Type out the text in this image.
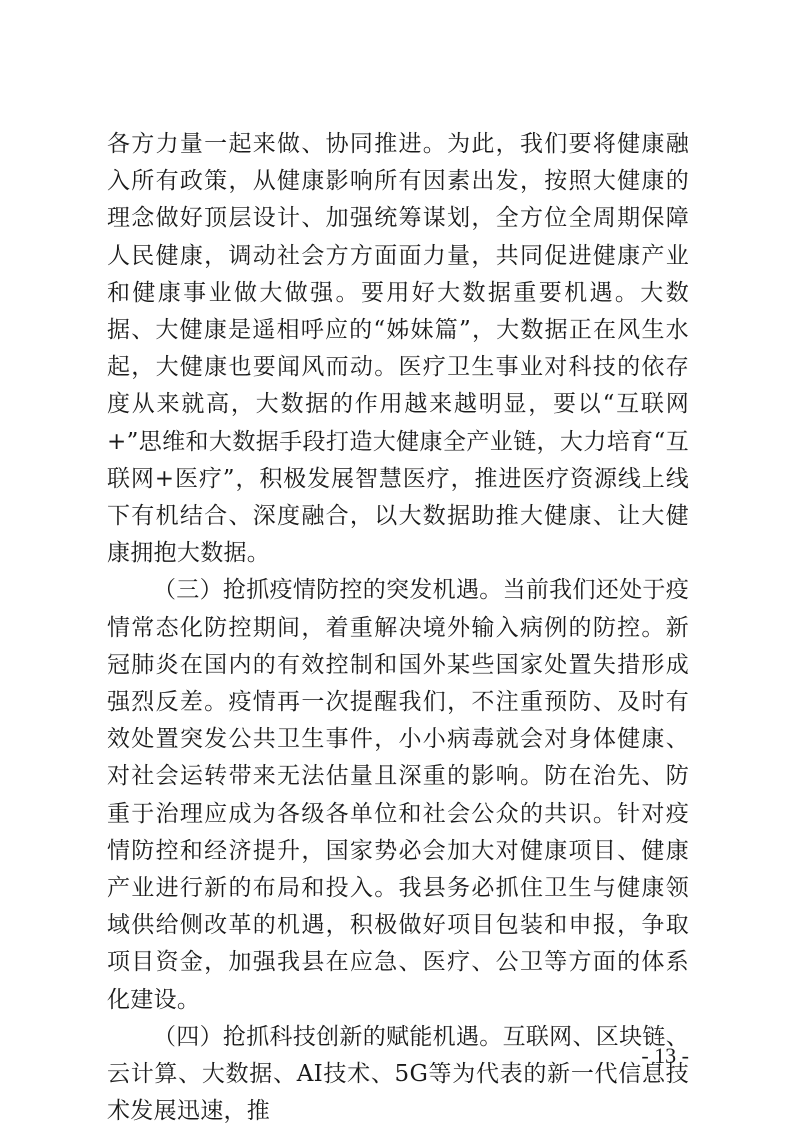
各方力量一起来做、协同推进。为此，我们要将健康融入所有政策，从健康影响所有因素出发，按照大健康的理念做好顶层设计、加强统筹谋划，全方位全周期保障人民健康，调动社会方方面面力量，共同促进健康产业和健康事业做大做强。要用好大数据重要机遇。大数据、大健康是遥相呼应的“姊妹篇”，大数据正在风生水起，大健康也要闻风而动。医疗卫生事业对科技的依存度从来就高，大数据的作用越来越明显，要以“互联网+”思维和大数据手段打造大健康全产业链，大力培育“互联网+医疗”，积极发展智慧医疗，推进医疗资源线上线下有机结合、深度融合，以大数据助推大健康、让大健康拥抱大数据。

（三）抢抓疫情防控的突发机遇。当前我们还处于疫情常态化防控期间，着重解决境外输入病例的防控。新冠肺炎在国内的有效控制和国外某些国家处置失措形成强烈反差。疫情再一次提醒我们，不注重预防、及时有效处置突发公共卫生事件，小小病毒就会对身体健康、对社会运转带来无法估量且深重的影响。防在治先、防重于治理应成为各级各单位和社会公众的共识。针对疫情防控和经济提升，国家势必会加大对健康项目、健康产业进行新的布局和投入。我县务必抓住卫生与健康领域供给侧改革的机遇，积极做好项目包装和申报，争取项目资金，加强我县在应急、医疗、公卫等方面的体系化建设。

（四）抢抓科技创新的赋能机遇。互联网、区块链、云计算、大数据、AI技术、5G等为代表的新一代信息技术发展迅速，推

- 13 -
